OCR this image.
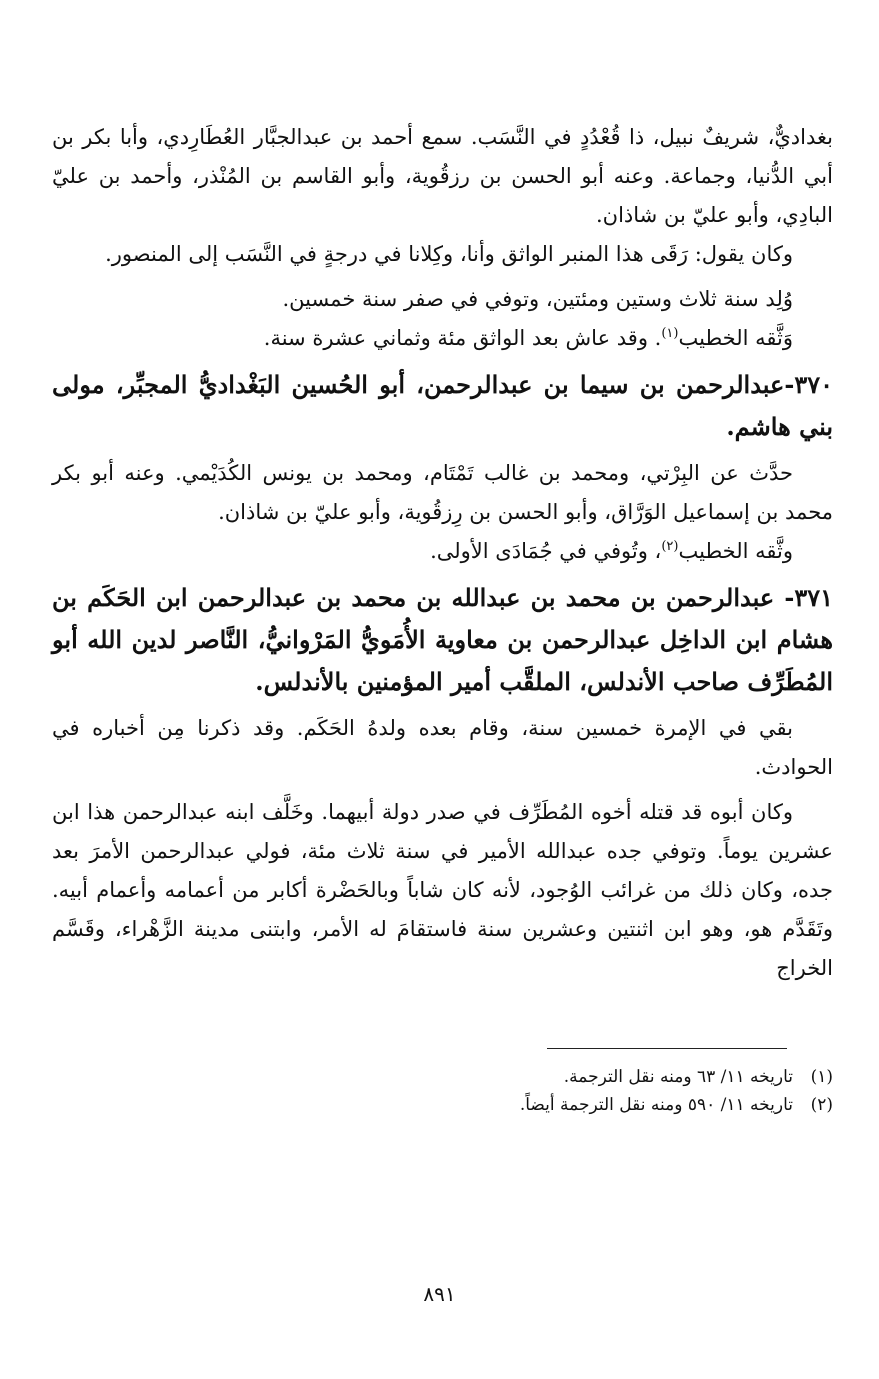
بغداديٌّ، شريفٌ نبيل، ذا قُعْدُدٍ في النَّسَب. سمع أحمد بن عبدالجبَّار العُطَارِدي، وأبا بكر بن أبي الدُّنيا، وجماعة. وعنه أبو الحسن بن رزقُوية، وأبو القاسم بن المُنْذر، وأحمد بن عليّ البادِي، وأبو عليّ بن شاذان.

وكان يقول: رَقَى هذا المنبر الواثق وأنا، وكِلانا في درجةٍ في النَّسَب إلى المنصور.

وُلِد سنة ثلاث وستين ومئتين، وتوفي في صفر سنة خمسين.

وَثَّقه الخطيب$^{(١)}$. وقد عاش بعد الواثق مئة وثماني عشرة سنة.

٣٧٠-عبدالرحمن بن سيما بن عبدالرحمن، أبو الحُسين البَغْداديُّ المجبِّر، مولى بني هاشم.

حدَّث عن البِرْتي، ومحمد بن غالب تَمْتَام، ومحمد بن يونس الكُدَيْمي. وعنه أبو بكر محمد بن إسماعيل الوَرَّاق، وأبو الحسن بن رِزقُوية، وأبو عليّ بن شاذان.

وثَّقه الخطيب$^{(٢)}$، وتُوفي في جُمَادَى الأولى.

٣٧١- عبدالرحمن بن محمد بن عبدالله بن محمد بن عبدالرحمن ابن الحَكَم بن هشام ابن الداخِل عبدالرحمن بن معاوية الأُمَويُّ المَرْوانيُّ، النَّاصر لدين الله أبو المُطَرِّف صاحب الأندلس، الملقَّب أمير المؤمنين بالأندلس.

بقي في الإمرة خمسين سنة، وقام بعده ولدهُ الحَكَم. وقد ذكرنا مِن أخباره في الحوادث.

وكان أبوه قد قتله أخوه المُطَرِّف في صدر دولة أبيهما. وخَلَّف ابنه عبدالرحمن هذا ابن عشرين يوماً. وتوفي جده عبدالله الأمير في سنة ثلاث مئة، فولي عبدالرحمن الأمرَ بعد جده، وكان ذلك من غرائب الوُجود، لأنه كان شاباً وبالحَضْرة أكابر من أعمامه وأعمام أبيه. وتَقَدَّم هو، وهو ابن اثنتين وعشرين سنة فاستقامَ له الأمر، وابتنى مدينة الزَّهْراء، وقَسَّم الخراج

(١)تاريخه ١١/ ٦٣ ومنه نقل الترجمة.
(٢)تاريخه ١١/ ٥٩٠ ومنه نقل الترجمة أيضاً.
٨٩١
